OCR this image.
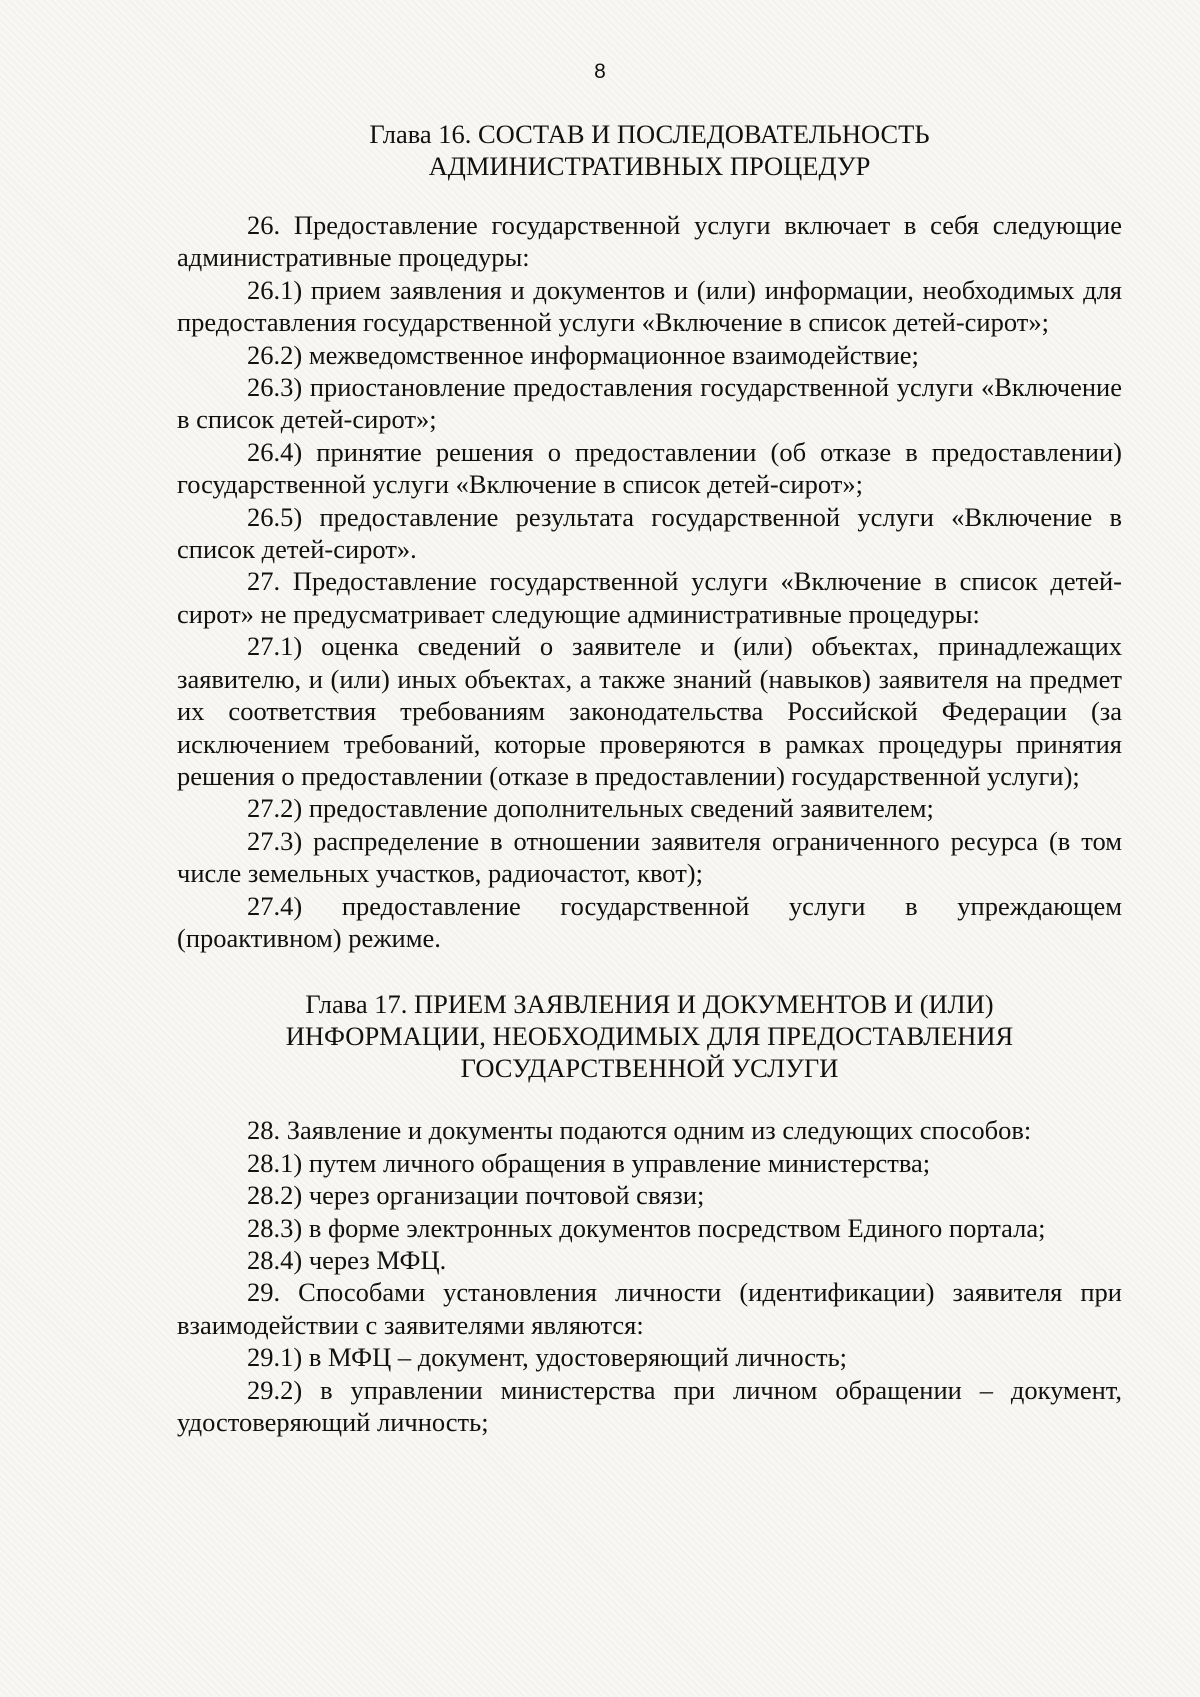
8
Глава 16. СОСТАВ И ПОСЛЕДОВАТЕЛЬНОСТЬ
АДМИНИСТРАТИВНЫХ ПРОЦЕДУР

26. Предоставление государственной услуги включает в себя следующие административные процедуры:

26.1) прием заявления и документов и (или) информации, необходимых для предоставления государственной услуги «Включение в список детей-сирот»;

26.2) межведомственное информационное взаимодействие;

26.3) приостановление предоставления государственной услуги «Включение в список детей-сирот»;

26.4) принятие решения о предоставлении (об отказе в предоставлении) государственной услуги «Включение в список детей-сирот»;

26.5) предоставление результата государственной услуги «Включение в список детей-сирот».

27. Предоставление государственной услуги «Включение в список детей-сирот» не предусматривает следующие административные процедуры:

27.1) оценка сведений о заявителе и (или) объектах, принадлежащих заявителю, и (или) иных объектах, а также знаний (навыков) заявителя на предмет их соответствия требованиям законодательства Российской Федерации (за исключением требований, которые проверяются в рамках процедуры принятия решения о предоставлении (отказе в предоставлении) государственной услуги);

27.2) предоставление дополнительных сведений заявителем;

27.3) распределение в отношении заявителя ограниченного ресурса (в том числе земельных участков, радиочастот, квот);

27.4) предоставление государственной услуги в упреждающем (проактивном) режиме.

Глава 17. ПРИЕМ ЗАЯВЛЕНИЯ И ДОКУМЕНТОВ И (ИЛИ)
ИНФОРМАЦИИ, НЕОБХОДИМЫХ ДЛЯ ПРЕДОСТАВЛЕНИЯ
ГОСУДАРСТВЕННОЙ УСЛУГИ

28. Заявление и документы подаются одним из следующих способов:

28.1) путем личного обращения в управление министерства;

28.2) через организации почтовой связи;

28.3) в форме электронных документов посредством Единого портала;

28.4) через МФЦ.

29. Способами установления личности (идентификации) заявителя при взаимодействии с заявителями являются:

29.1) в МФЦ – документ, удостоверяющий личность;

29.2) в управлении министерства при личном обращении – документ, удостоверяющий личность;
